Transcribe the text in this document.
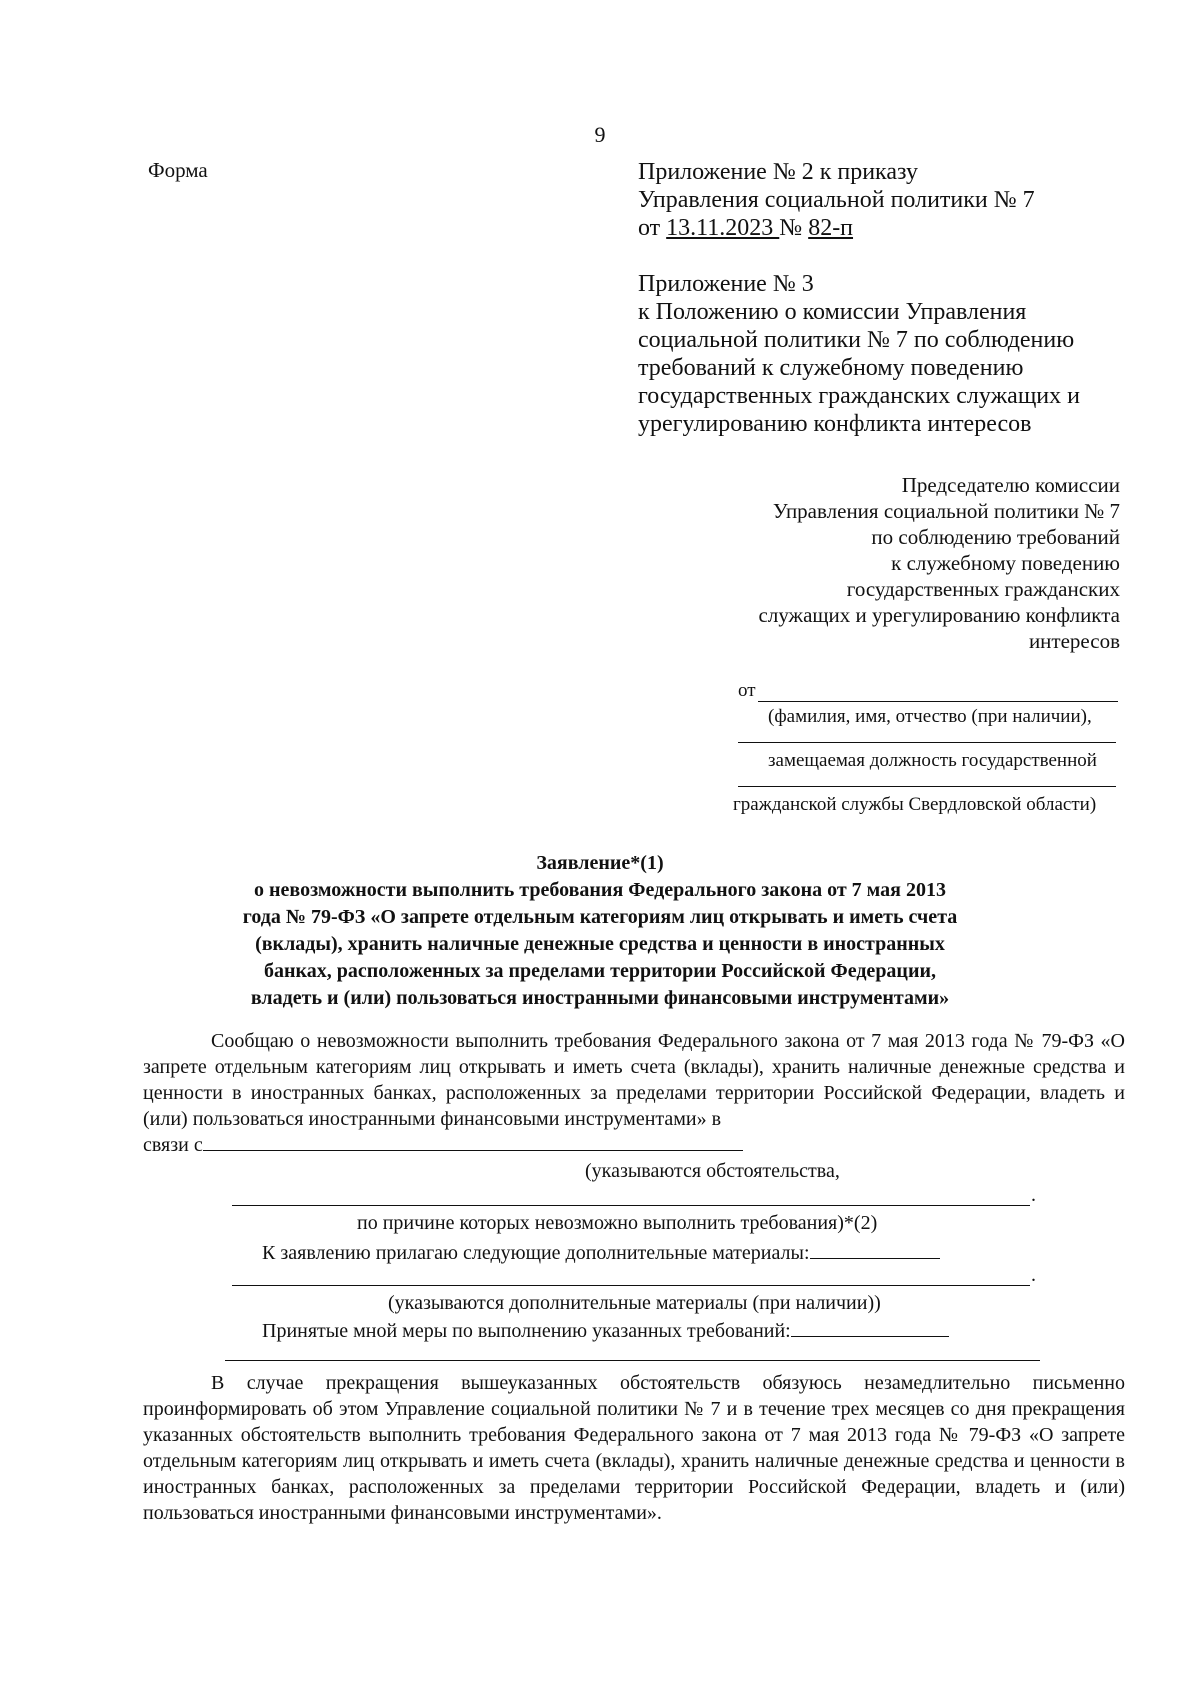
9
Форма	Приложение № 2 к приказу
Управления социальной политики № 7
от 13.11.2023 № 82-п
Приложение № 3
к Положению о комиссии Управления
социальной политики № 7 по соблюдению
требований к служебному поведению
государственных гражданских служащих и
урегулированию конфликта интересов
Председателю комиссии
Управления социальной политики № 7
по соблюдению требований
к служебному поведению
государственных гражданских
служащих и урегулированию конфликта
интересов
от
(фамилия, имя, отчество (при наличии),
замещаемая должность государственной
гражданской службы Свердловской области)
Заявление*(1)
о невозможности выполнить требования Федерального закона от 7 мая 2013
года № 79-ФЗ «О запрете отдельным категориям лиц открывать и иметь счета
(вклады), хранить наличные денежные средства и ценности в иностранных
банках, расположенных за пределами территории Российской Федерации,
владеть и (или) пользоваться иностранными финансовыми инструментами»
Сообщаю о невозможности выполнить требования Федерального закона от 7 мая 2013 года № 79-ФЗ «О запрете отдельным категориям лиц открывать и иметь счета (вклады), хранить наличные денежные средства и ценности в иностранных банках, расположенных за пределами территории Российской Федерации, владеть и (или) пользоваться иностранными финансовыми инструментами» в
связи с
(указываются обстоятельства,
.
по причине которых невозможно выполнить требования)*(2)
К заявлению прилагаю следующие дополнительные материалы:
.
(указываются дополнительные материалы (при наличии))
Принятые мной меры по выполнению указанных требований:
В случае прекращения вышеуказанных обстоятельств обязуюсь незамедлительно письменно проинформировать об этом Управление социальной политики № 7 и в течение трех месяцев со дня прекращения указанных обстоятельств выполнить требования Федерального закона от 7 мая 2013 года № 79-ФЗ «О запрете отдельным категориям лиц открывать и иметь счета (вклады), хранить наличные денежные средства и ценности в иностранных банках, расположенных за пределами территории Российской Федерации, владеть и (или) пользоваться иностранными финансовыми инструментами».
